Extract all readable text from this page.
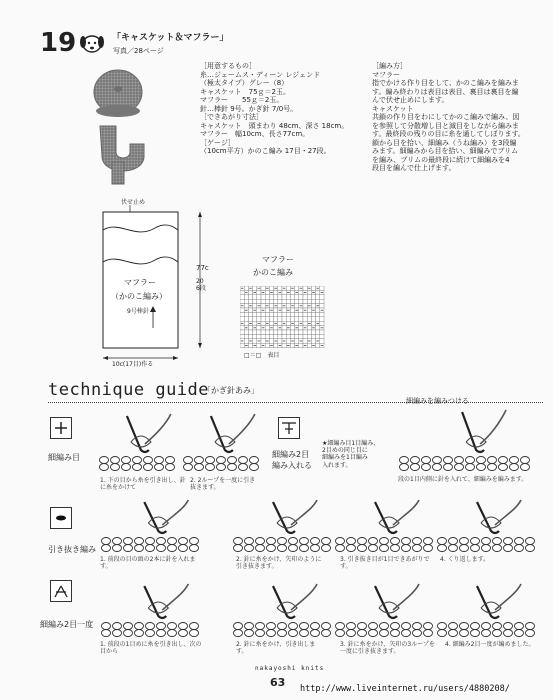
19	「キャスケット＆マフラー」
写真／28ページ
［用意するもの］
糸…ジェームス・ディーン レジェンド
（極太タイプ）グレー（8）
キャスケット　75ｇ＝2玉。
マフラー　　55ｇ＝2玉。
針…棒針 9号。かぎ針 7/0号。
［できあがり寸法］
キャスケット　頭まわり 48cm、深さ 18cm。
マフラー　幅10cm、長さ77cm。
［ゲージ］
（10cm平方）かのこ編み 17目・27段。
［編み方］
マフラー
指でかける作り目をして、かのこ編みを編みま
す。編み終わりは表目は表目、裏目は裏目を編
んで伏せ止めにします。
キャスケット
共鎖の作り目をわにしてかのこ編みで編み、図
を参照して分散増し目と減目をしながら編みま
す。最終段の残りの目に糸を通してしぼります。
鎖から目を拾い、細編み（うね編み）を3段編
みます。細編みから目を拾い、細編みでブリム
を編み、ブリムの最終段に続けて細編みを4
段目を編んで仕上げます。
伏せ止め
マフラー
（かのこ編み）
9号棒針
10c(17目)作る
77c
206段
マフラー
かのこ編み
□＝□　表目
technique guide
「かぎ針あみ」
細編み目	細編み2目
編み入れる
★細編み目1目編み、
2目めの同じ目に
細編みを1目編み
入れます。
細編みを編みつける
段の1目内側に針を入れて、細編みを編みます。
引き抜き編み
細編み2目一度
1. 下の目から糸を引き出し、針に糸をかけて
2. 2ループを一度に引き抜きます。
1. 前段の目の頭の2本に針を入れます。
2. 針に糸をかけ、矢印のように引き抜きます。
3. 引き抜き目が1目できあがりです。
4. くり返します。
1. 前段の1目めに糸を引き出し、次の目から
2. 針に糸をかけ、引き出します。
3. 針に糸をかけ、矢印の3ループを一度に引き抜きます。
4. 細編み2目一度が編めました。
nakayoshi knits
63 http://www.liveinternet.ru/users/4880208/
